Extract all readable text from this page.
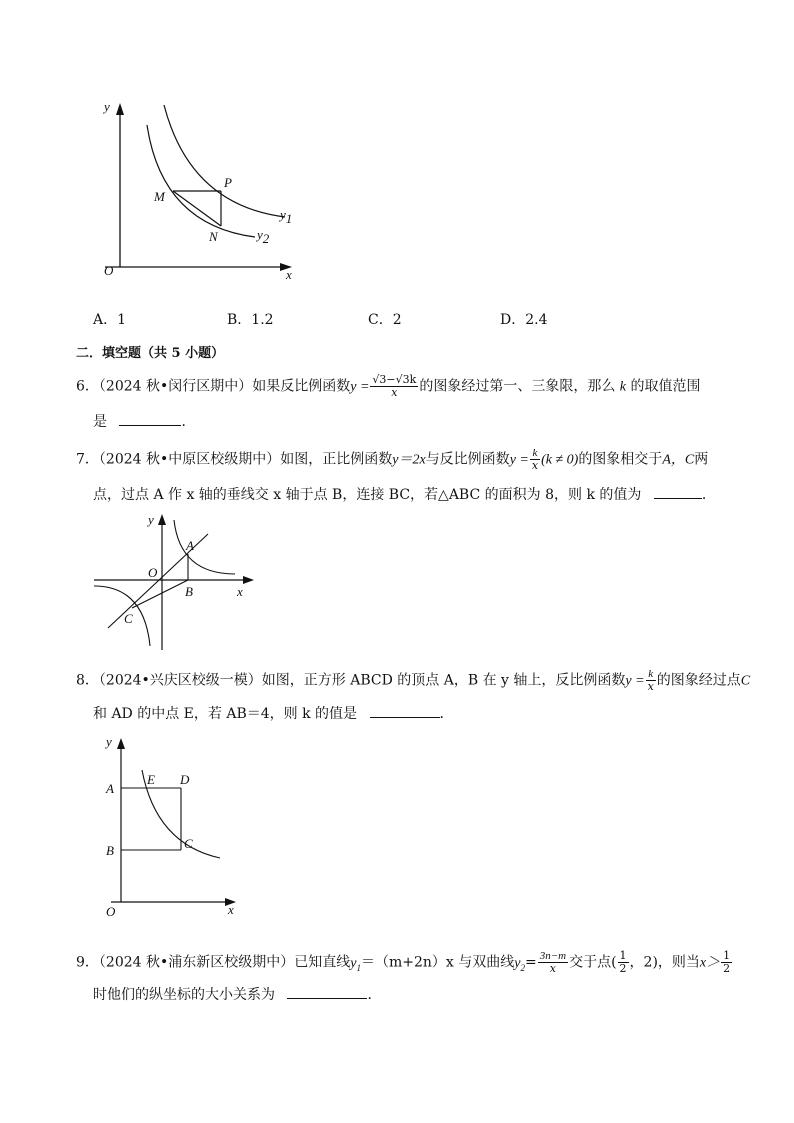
y
x
O
P
M
N
y1
y2
A．1	B．1.2	C．2	D．2.4
二．填空题（共 5 小题）
6．（2024 秋•闵行区期中）如果反比例函数$y = \frac{√3-√3k}{x}$ 的图象经过第一、三象限，那么 k 的取值范围
是	．
7．（2024 秋•中原区校级期中）如图，正比例函数y＝2x与反比例函数$y = \frac{k}{x} (k \ne 0)$的图象相交于A，C两
点，过点 A 作 x 轴的垂线交 x 轴于点 B，连接 BC，若△ABC 的面积为 8，则 k 的值为	．
y
x
O
A
B
C
8．（2024•兴庆区校级一模）如图，正方形 ABCD 的顶点 A，B 在 y 轴上，反比例函数$y = \frac{k}{x}$ 的图象经过点C
和 AD 的中点 E，若 AB＝4，则 k 的值是	．
y
x
O
A
B	C
D
E
9．（2024 秋•浦东新区校级期中）已知直线$y_1=(m+2n)x$ 与双曲线$y_2= \frac{3n-m}{x}$ 交于点( $\frac{1}{2}$ ，2)，则当$x> \frac{1}{2}$
时他们的纵坐标的大小关系为	．
